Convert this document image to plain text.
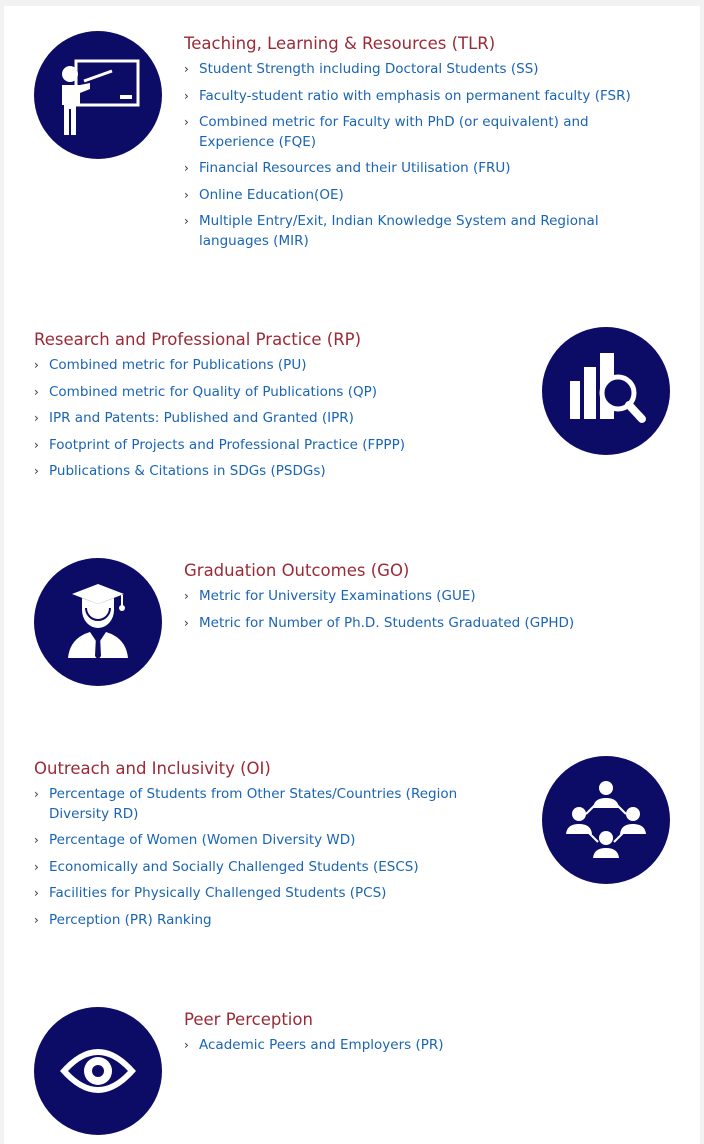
Teaching, Learning & Resources (TLR)
› Student Strength including Doctoral Students (SS)
› Faculty-student ratio with emphasis on permanent faculty (FSR)
› Combined metric for Faculty with PhD (or equivalent) and Experience (FQE)
› Financial Resources and their Utilisation (FRU)
› Online Education(OE)
› Multiple Entry/Exit, Indian Knowledge System and Regional languages (MIR)
Research and Professional Practice (RP)
› Combined metric for Publications (PU)
› Combined metric for Quality of Publications (QP)
› IPR and Patents: Published and Granted (IPR)
› Footprint of Projects and Professional Practice (FPPP)
› Publications & Citations in SDGs (PSDGs)
Graduation Outcomes (GO)
› Metric for University Examinations (GUE)
› Metric for Number of Ph.D. Students Graduated (GPHD)
Outreach and Inclusivity (OI)
› Percentage of Students from Other States/Countries (Region Diversity RD)
› Percentage of Women (Women Diversity WD)
› Economically and Socially Challenged Students (ESCS)
› Facilities for Physically Challenged Students (PCS)
› Perception (PR) Ranking
Peer Perception
› Academic Peers and Employers (PR)
